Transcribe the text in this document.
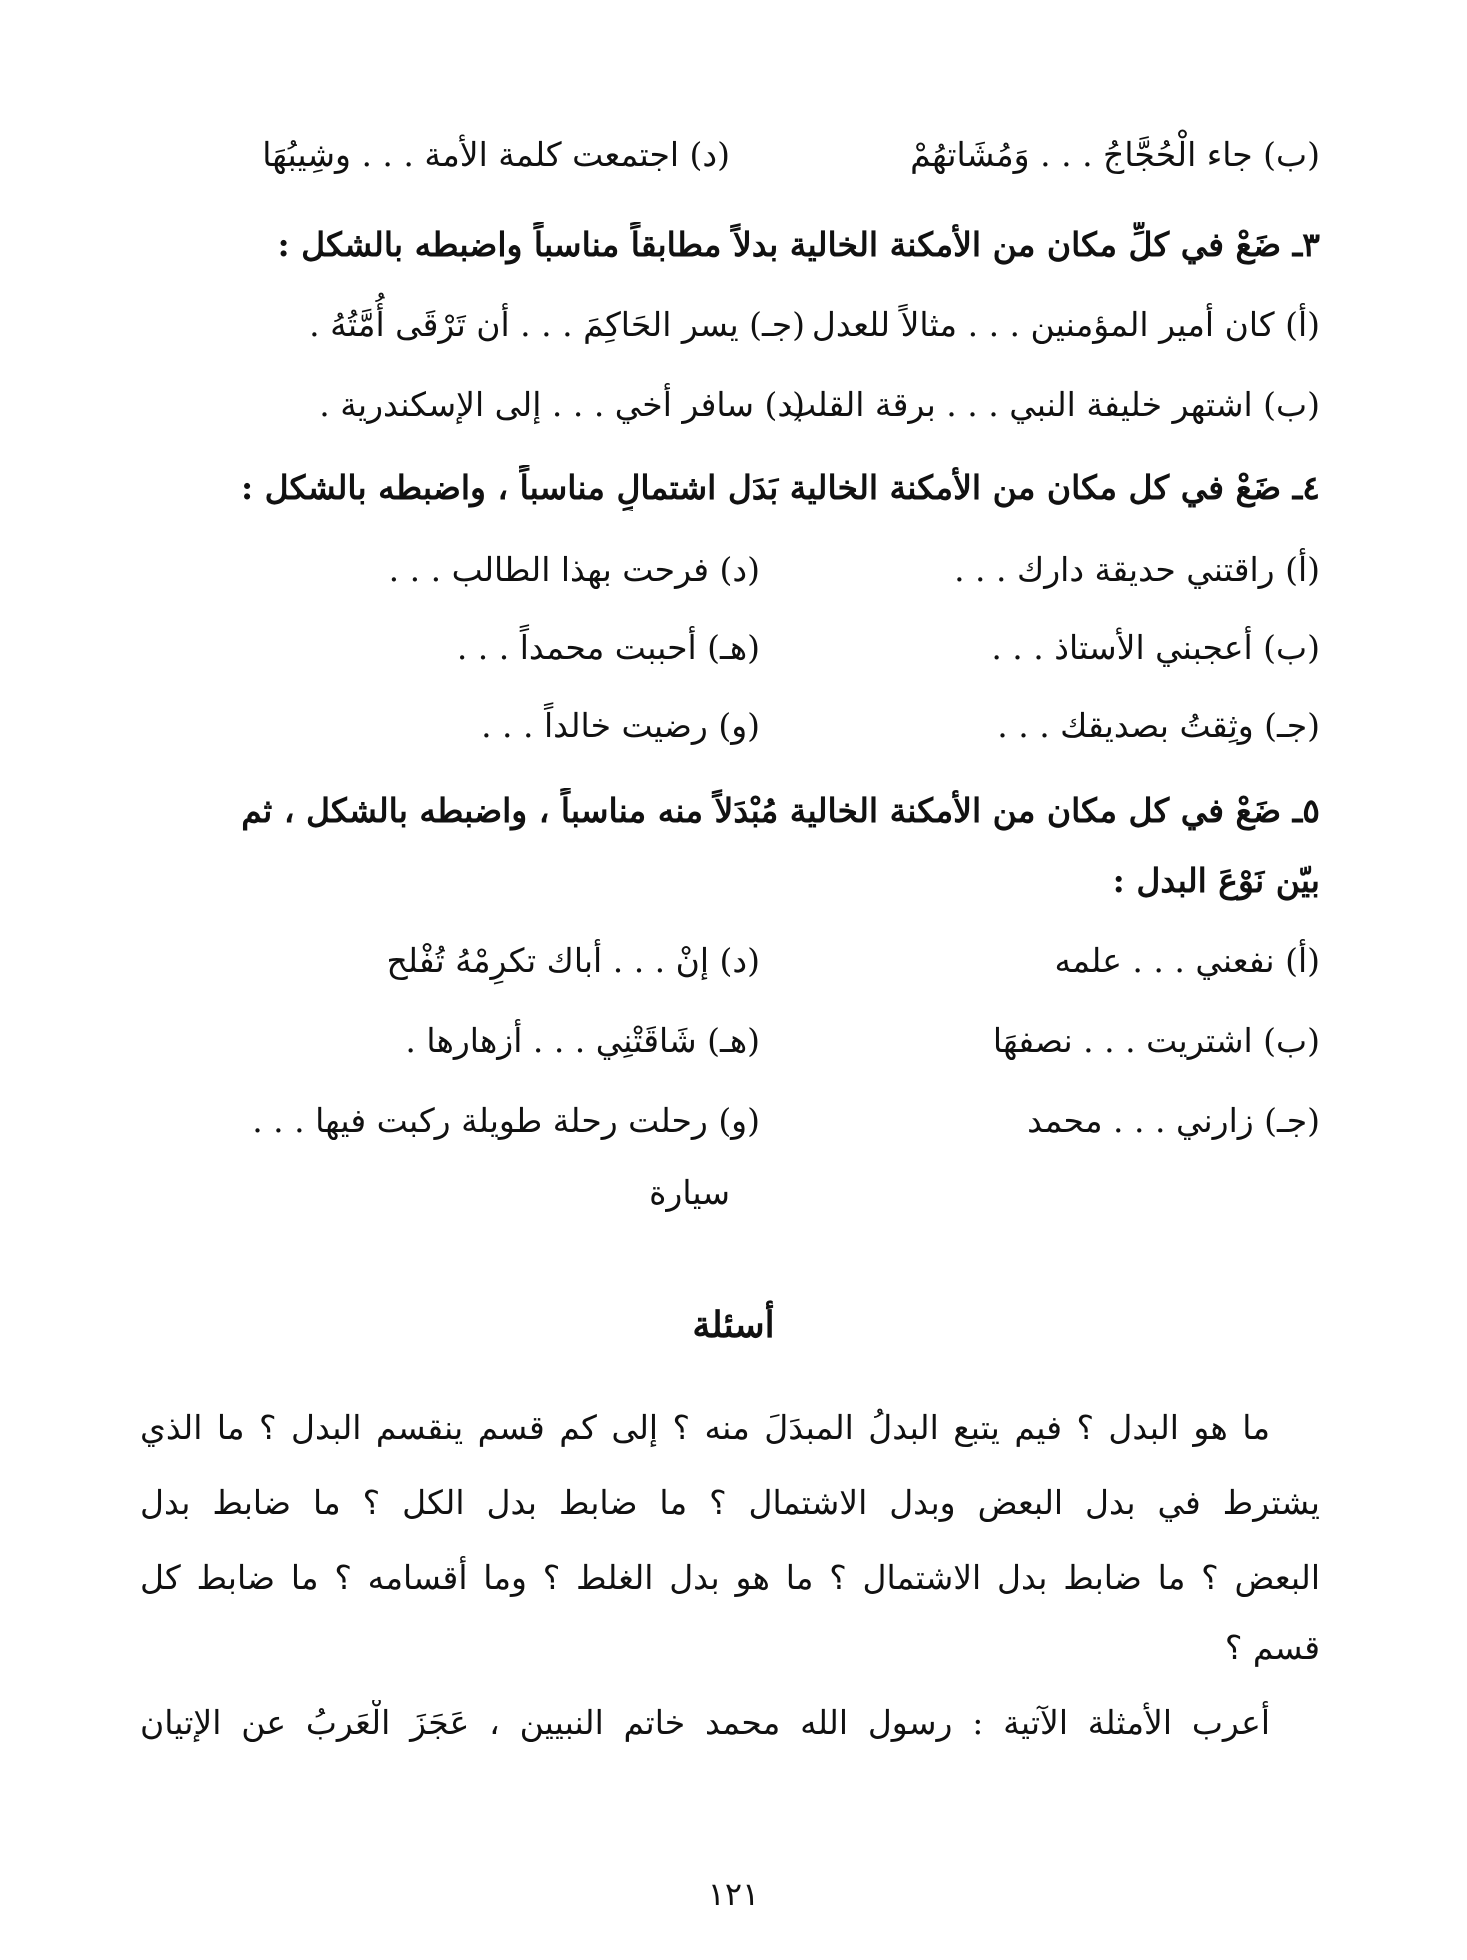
(ب) جاء الْحُجَّاجُ . . . وَمُشَاتهُمْ
(د) اجتمعت كلمة الأمة . . . وشِيبُهَا
٣ـ ضَعْ في كلِّ مكان من الأمكنة الخالية بدلاً مطابقاً مناسباً واضبطه بالشكل :
(أ) كان أمير المؤمنين . . . مثالاً للعدل
(جـ) يسر الحَاكِمَ . . . أن تَرْقَى أُمَّتُهُ .
(ب) اشتهر خليفة النبي . . . برقة القلب
(د) سافر أخي . . . إلى الإسكندرية .
٤ـ ضَعْ في كل مكان من الأمكنة الخالية بَدَل اشتمالٍ مناسباً ، واضبطه بالشكل :
(أ) راقتني حديقة دارك . . .
(د) فرحت بهذا الطالب . . .
(ب) أعجبني الأستاذ . . .
(هـ) أحببت محمداً . . .
(جـ) وثِقتُ بصديقك . . .
(و) رضيت خالداً . . .
٥ـ ضَعْ في كل مكان من الأمكنة الخالية مُبْدَلاً منه مناسباً ، واضبطه بالشكل ، ثم
بيّن نَوْعَ البدل :
(أ) نفعني . . . علمه
(د) إنْ . . . أباك تكرِمْهُ تُفْلح
(ب) اشتريت . . . نصفهَا
(هـ) شَاقَتْنِي . . . أزهارها .
(جـ) زارني . . . محمد
(و) رحلت رحلة طويلة ركبت فيها . . .
سيارة
أسئلة
ما هو البدل ؟ فيم يتبع البدلُ المبدَلَ منه ؟ إلى كم قسم ينقسم البدل ؟ ما الذي
يشترط في بدل البعض وبدل الاشتمال ؟ ما ضابط بدل الكل ؟ ما ضابط بدل
البعض ؟ ما ضابط بدل الاشتمال ؟ ما هو بدل الغلط ؟ وما أقسامه ؟ ما ضابط كل
قسم ؟
أعرب الأمثلة الآتية : رسول الله محمد خاتم النبيين ، عَجَزَ الْعَربُ عن الإتيان
١٢١
